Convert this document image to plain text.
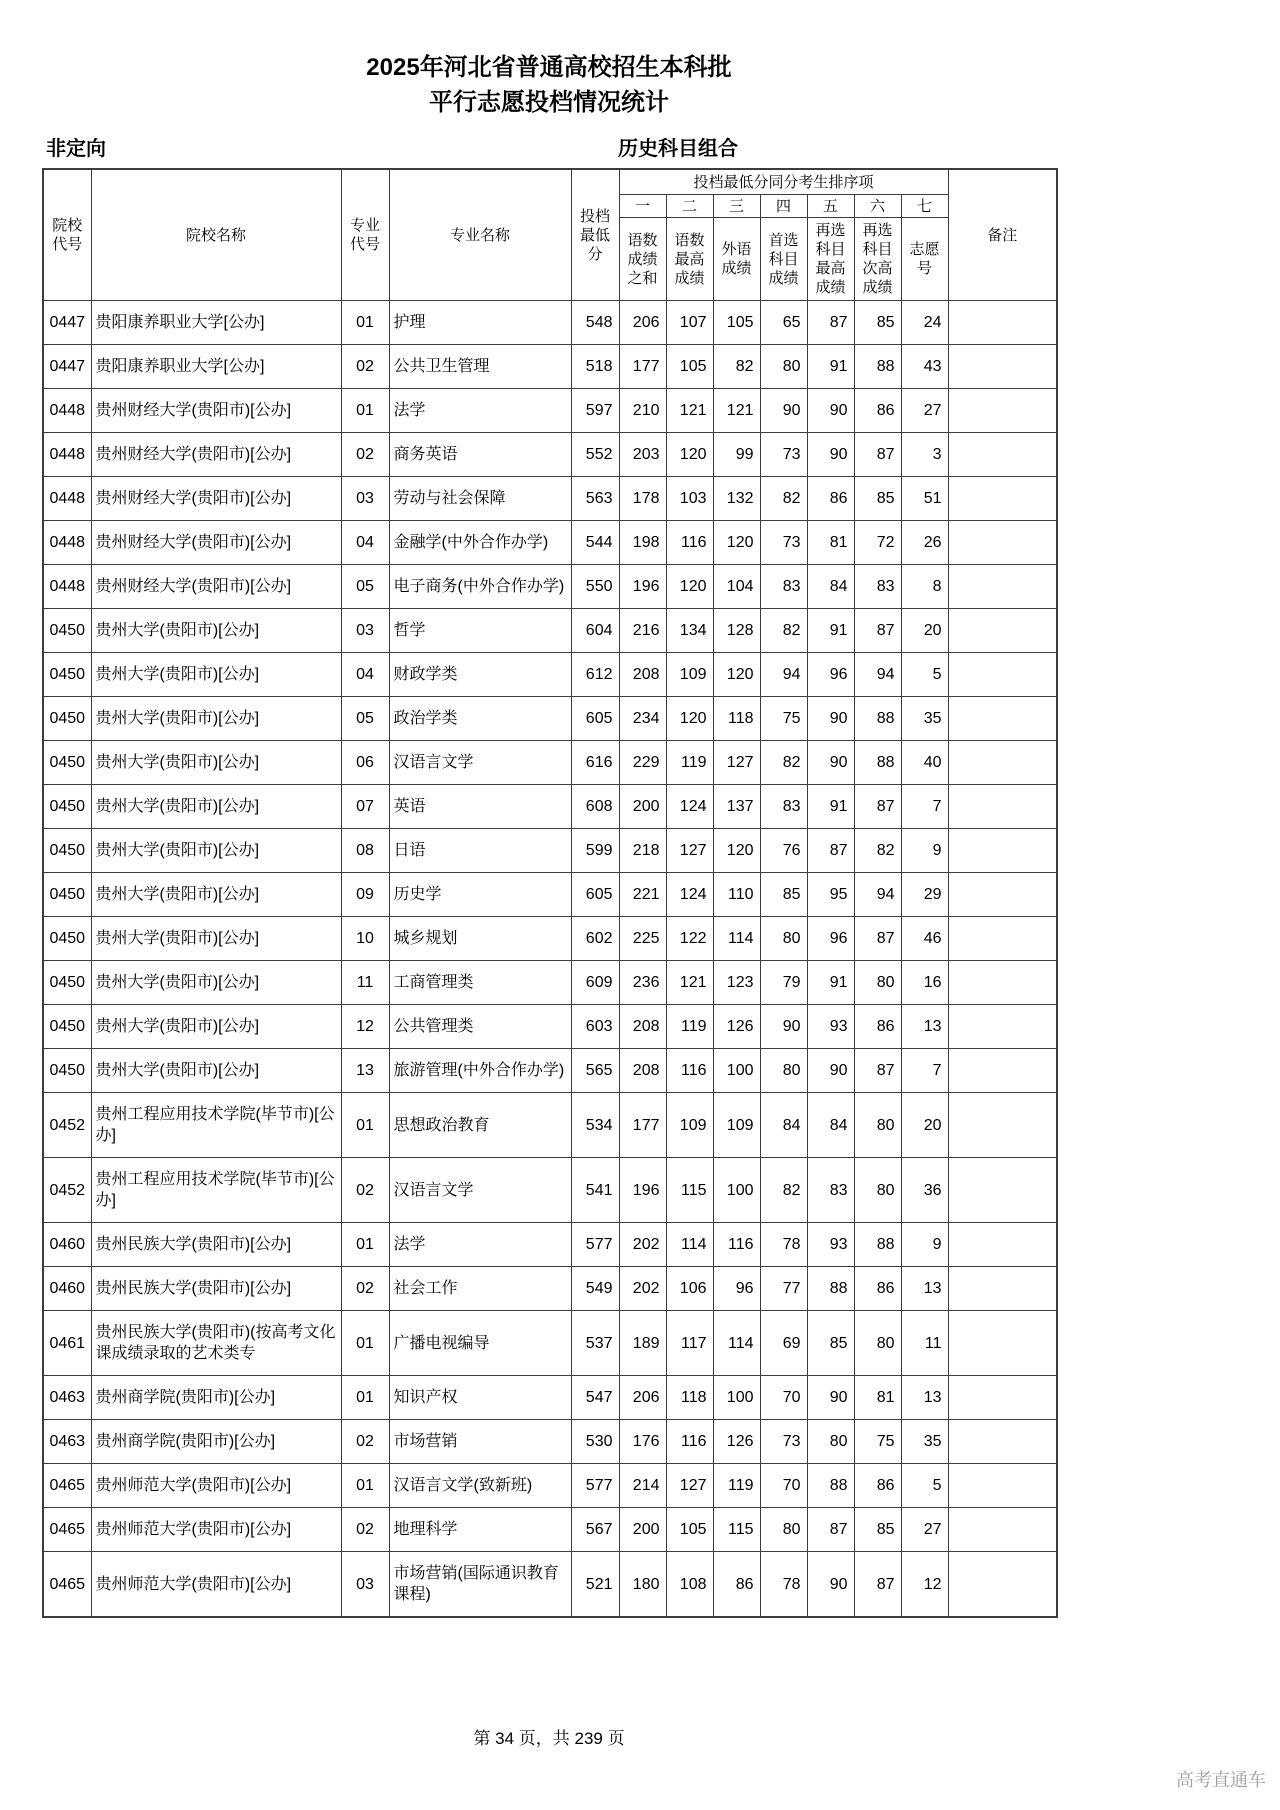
2025年河北省普通高校招生本科批
平行志愿投档情况统计
非定向	历史科目组合
院校代号	院校名称	专业代号	专业名称	投档最低分	投档最低分同分考生排序项							备注
					一	二	三	四	五	六	七	
					语数成绩之和	语数最高成绩	外语成绩	首选科目成绩	再选科目最高成绩	再选科目次高成绩	志愿号	
0447	贵阳康养职业大学[公办]	01	护理	548	206	107	105	65	87	85	24	
0447	贵阳康养职业大学[公办]	02	公共卫生管理	518	177	105	82	80	91	88	43	
0448	贵州财经大学(贵阳市)[公办]	01	法学	597	210	121	121	90	90	86	27	
0448	贵州财经大学(贵阳市)[公办]	02	商务英语	552	203	120	99	73	90	87	3	
0448	贵州财经大学(贵阳市)[公办]	03	劳动与社会保障	563	178	103	132	82	86	85	51	
0448	贵州财经大学(贵阳市)[公办]	04	金融学(中外合作办学)	544	198	116	120	73	81	72	26	
0448	贵州财经大学(贵阳市)[公办]	05	电子商务(中外合作办学)	550	196	120	104	83	84	83	8	
0450	贵州大学(贵阳市)[公办]	03	哲学	604	216	134	128	82	91	87	20	
0450	贵州大学(贵阳市)[公办]	04	财政学类	612	208	109	120	94	96	94	5	
0450	贵州大学(贵阳市)[公办]	05	政治学类	605	234	120	118	75	90	88	35	
0450	贵州大学(贵阳市)[公办]	06	汉语言文学	616	229	119	127	82	90	88	40	
0450	贵州大学(贵阳市)[公办]	07	英语	608	200	124	137	83	91	87	7	
0450	贵州大学(贵阳市)[公办]	08	日语	599	218	127	120	76	87	82	9	
0450	贵州大学(贵阳市)[公办]	09	历史学	605	221	124	110	85	95	94	29	
0450	贵州大学(贵阳市)[公办]	10	城乡规划	602	225	122	114	80	96	87	46	
0450	贵州大学(贵阳市)[公办]	11	工商管理类	609	236	121	123	79	91	80	16	
0450	贵州大学(贵阳市)[公办]	12	公共管理类	603	208	119	126	90	93	86	13	
0450	贵州大学(贵阳市)[公办]	13	旅游管理(中外合作办学)	565	208	116	100	80	90	87	7	
0452	贵州工程应用技术学院(毕节市)[公办]	01	思想政治教育	534	177	109	109	84	84	80	20	
0452	贵州工程应用技术学院(毕节市)[公办]	02	汉语言文学	541	196	115	100	82	83	80	36	
0460	贵州民族大学(贵阳市)[公办]	01	法学	577	202	114	116	78	93	88	9	
0460	贵州民族大学(贵阳市)[公办]	02	社会工作	549	202	106	96	77	88	86	13	
0461	贵州民族大学(贵阳市)(按高考文化课成绩录取的艺术类专	01	广播电视编导	537	189	117	114	69	85	80	11	
0463	贵州商学院(贵阳市)[公办]	01	知识产权	547	206	118	100	70	90	81	13	
0463	贵州商学院(贵阳市)[公办]	02	市场营销	530	176	116	126	73	80	75	35	
0465	贵州师范大学(贵阳市)[公办]	01	汉语言文学(致新班)	577	214	127	119	70	88	86	5	
0465	贵州师范大学(贵阳市)[公办]	02	地理科学	567	200	105	115	80	87	85	27	
0465	贵州师范大学(贵阳市)[公办]	03	市场营销(国际通识教育课程)	521	180	108	86	78	90	87	12	
第 34 页，共 239 页
高考直通车
